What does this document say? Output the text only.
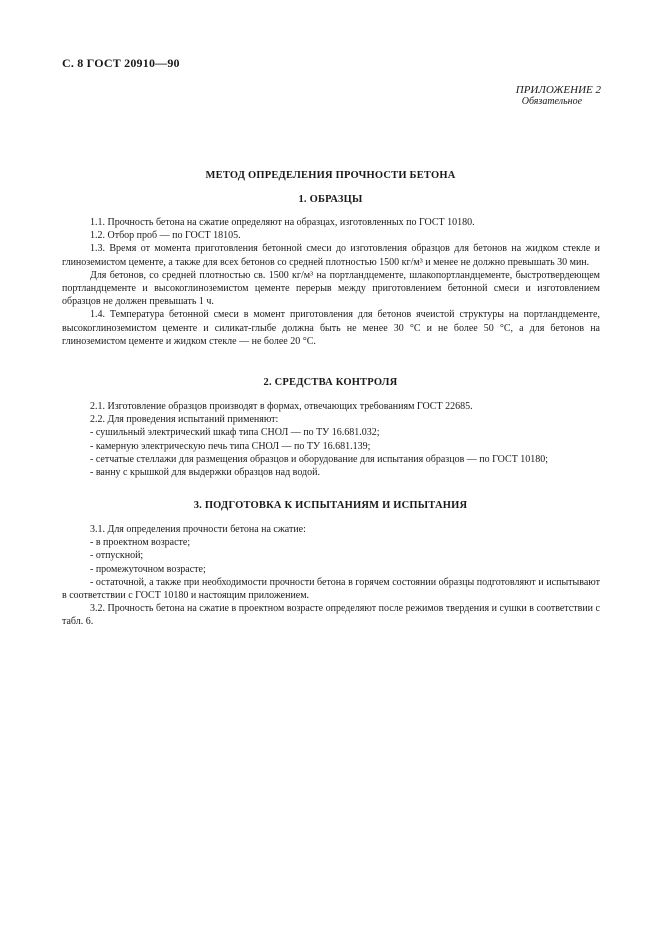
С. 8 ГОСТ 20910—90
ПРИЛОЖЕНИЕ 2
Обязательное
МЕТОД ОПРЕДЕЛЕНИЯ ПРОЧНОСТИ БЕТОНА
1. ОБРАЗЦЫ

1.1. Прочность бетона на сжатие определяют на образцах, изготовленных по ГОСТ 10180.

1.2. Отбор проб — по ГОСТ 18105.

1.3. Время от момента приготовления бетонной смеси до изготовления образцов для бетонов на жидком стекле и глиноземистом цементе, а также для всех бетонов со средней плотностью 1500 кг/м³ и менее не должно превышать 30 мин.

Для бетонов, со средней плотностью св. 1500 кг/м³ на портландцементе, шлакопортландцементе, быстротвердеющем портландцементе и высокоглиноземистом цементе перерыв между приготовлением бетонной смеси и изготовлением образцов не должен превышать 1 ч.

1.4. Температура бетонной смеси в момент приготовления для бетонов ячеистой структуры на портландцементе, высокоглиноземистом цементе и силикат-глыбе должна быть не менее 30 °С и не более 50 °С, а для бетонов на глиноземистом цементе и жидком стекле — не более 20 °С.

2. СРЕДСТВА КОНТРОЛЯ

2.1. Изготовление образцов производят в формах, отвечающих требованиям ГОСТ 22685.

2.2. Для проведения испытаний применяют:

- сушильный электрический шкаф типа СНОЛ — по ТУ 16.681.032;

- камерную электрическую печь типа СНОЛ — по ТУ 16.681.139;

- сетчатые стеллажи для размещения образцов и оборудование для испытания образцов — по ГОСТ 10180;

- ванну с крышкой для выдержки образцов над водой.

3. ПОДГОТОВКА К ИСПЫТАНИЯМ И ИСПЫТАНИЯ

3.1. Для определения прочности бетона на сжатие:

- в проектном возрасте;

- отпускной;

- промежуточном возрасте;

- остаточной, а также при необходимости прочности бетона в горячем состоянии образцы подготовляют и испытывают в соответствии с ГОСТ 10180 и настоящим приложением.

3.2. Прочность бетона на сжатие в проектном возрасте определяют после режимов твердения и сушки в соответствии с табл. 6.
